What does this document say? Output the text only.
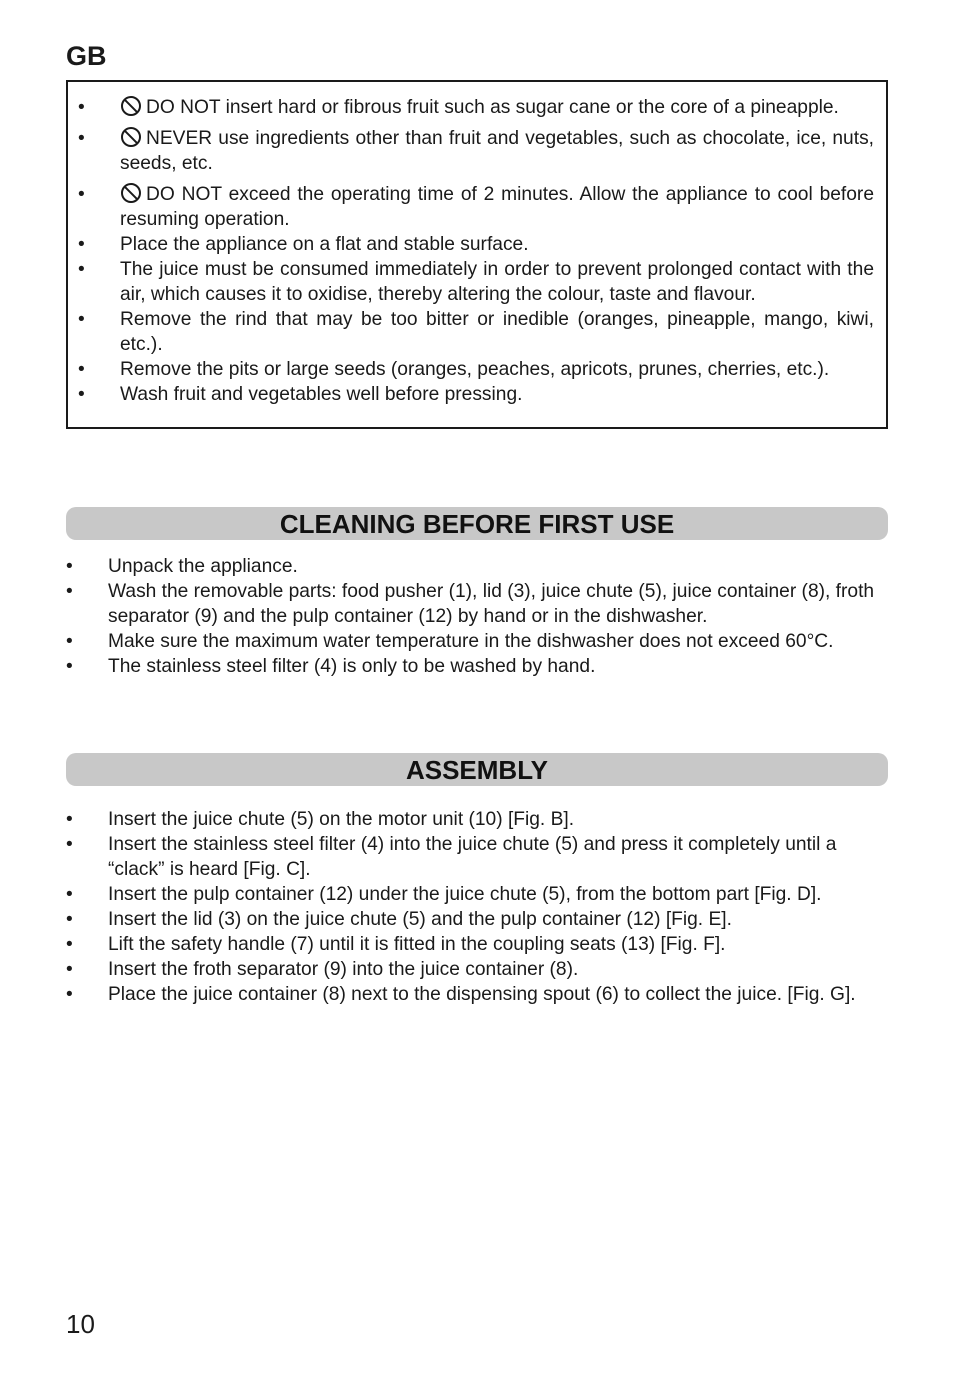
GB
•	DO NOT insert hard or fibrous fruit such as sugar cane or the core of a pineapple.
•	NEVER use ingredients other than fruit and vegetables, such as chocolate, ice, nuts, seeds, etc.
•	DO NOT exceed the operating time of 2 minutes. Allow the appliance to cool before resuming operation.
•	Place the appliance on a flat and stable surface.
•	The juice must be consumed immediately in order to prevent prolonged contact with the air, which causes it to oxidise, thereby altering the colour, taste and flavour.
•	Remove the rind that may be too bitter or inedible (oranges, pineapple, mango, kiwi, etc.).
•	Remove the pits or large seeds (oranges, peaches, apricots, prunes, cherries, etc.).
•	Wash fruit and vegetables well before pressing.
CLEANING BEFORE FIRST USE
•	Unpack the appliance.
•	Wash the removable parts: food pusher (1), lid (3), juice chute (5), juice container (8), froth separator (9) and the pulp container (12) by hand or in the dishwasher.
•	Make sure the maximum water temperature in the dishwasher does not exceed 60°C.
•	The stainless steel filter (4) is only to be washed by hand.
ASSEMBLY
•	Insert the juice chute (5) on the motor unit (10) [Fig. B].
•	Insert the stainless steel filter (4) into the juice chute (5) and press it completely until a “clack” is heard [Fig. C].
•	Insert the pulp container (12) under the juice chute (5), from the bottom part [Fig. D].
•	Insert the lid (3) on the juice chute (5) and the pulp container (12) [Fig. E].
•	Lift the safety handle (7) until it is fitted in the coupling seats (13) [Fig. F].
•	Insert the froth separator (9) into the juice container (8).
•	Place the juice container (8) next to the dispensing spout (6) to collect the juice. [Fig. G].
10
